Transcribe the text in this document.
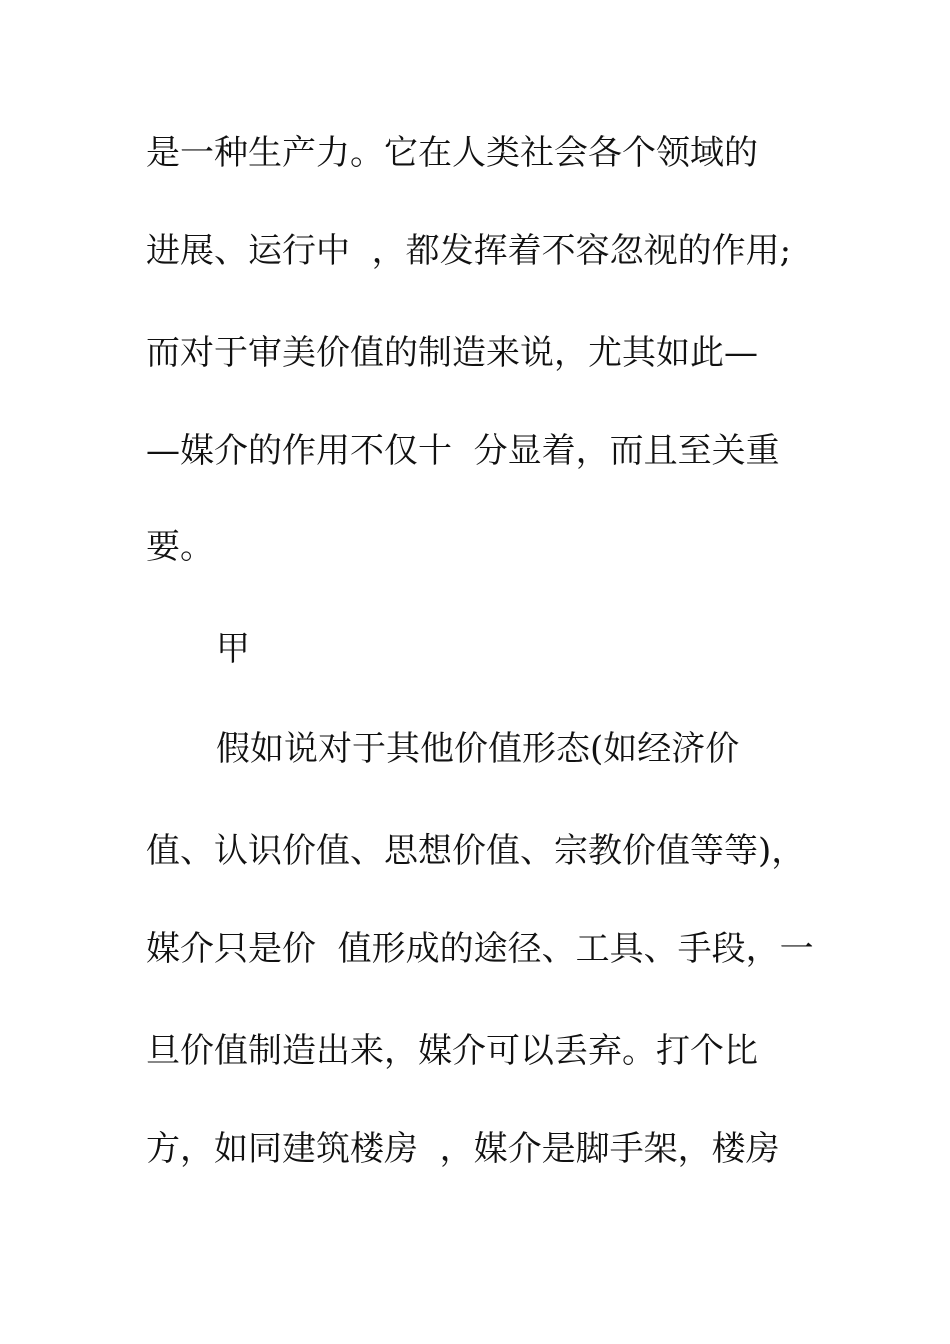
是一种生产力。它在人类社会各个领域的
进展、运行中  ，都发挥着不容忽视的作用;
而对于审美价值的制造来说，尤其如此—
—媒介的作用不仅十  分显着，而且至关重
要。
甲
假如说对于其他价值形态(如经济价
值、认识价值、思想价值、宗教价值等等)，
媒介只是价  值形成的途径、工具、手段，一
旦价值制造出来，媒介可以丢弃。打个比
方，如同建筑楼房  ，媒介是脚手架，楼房
